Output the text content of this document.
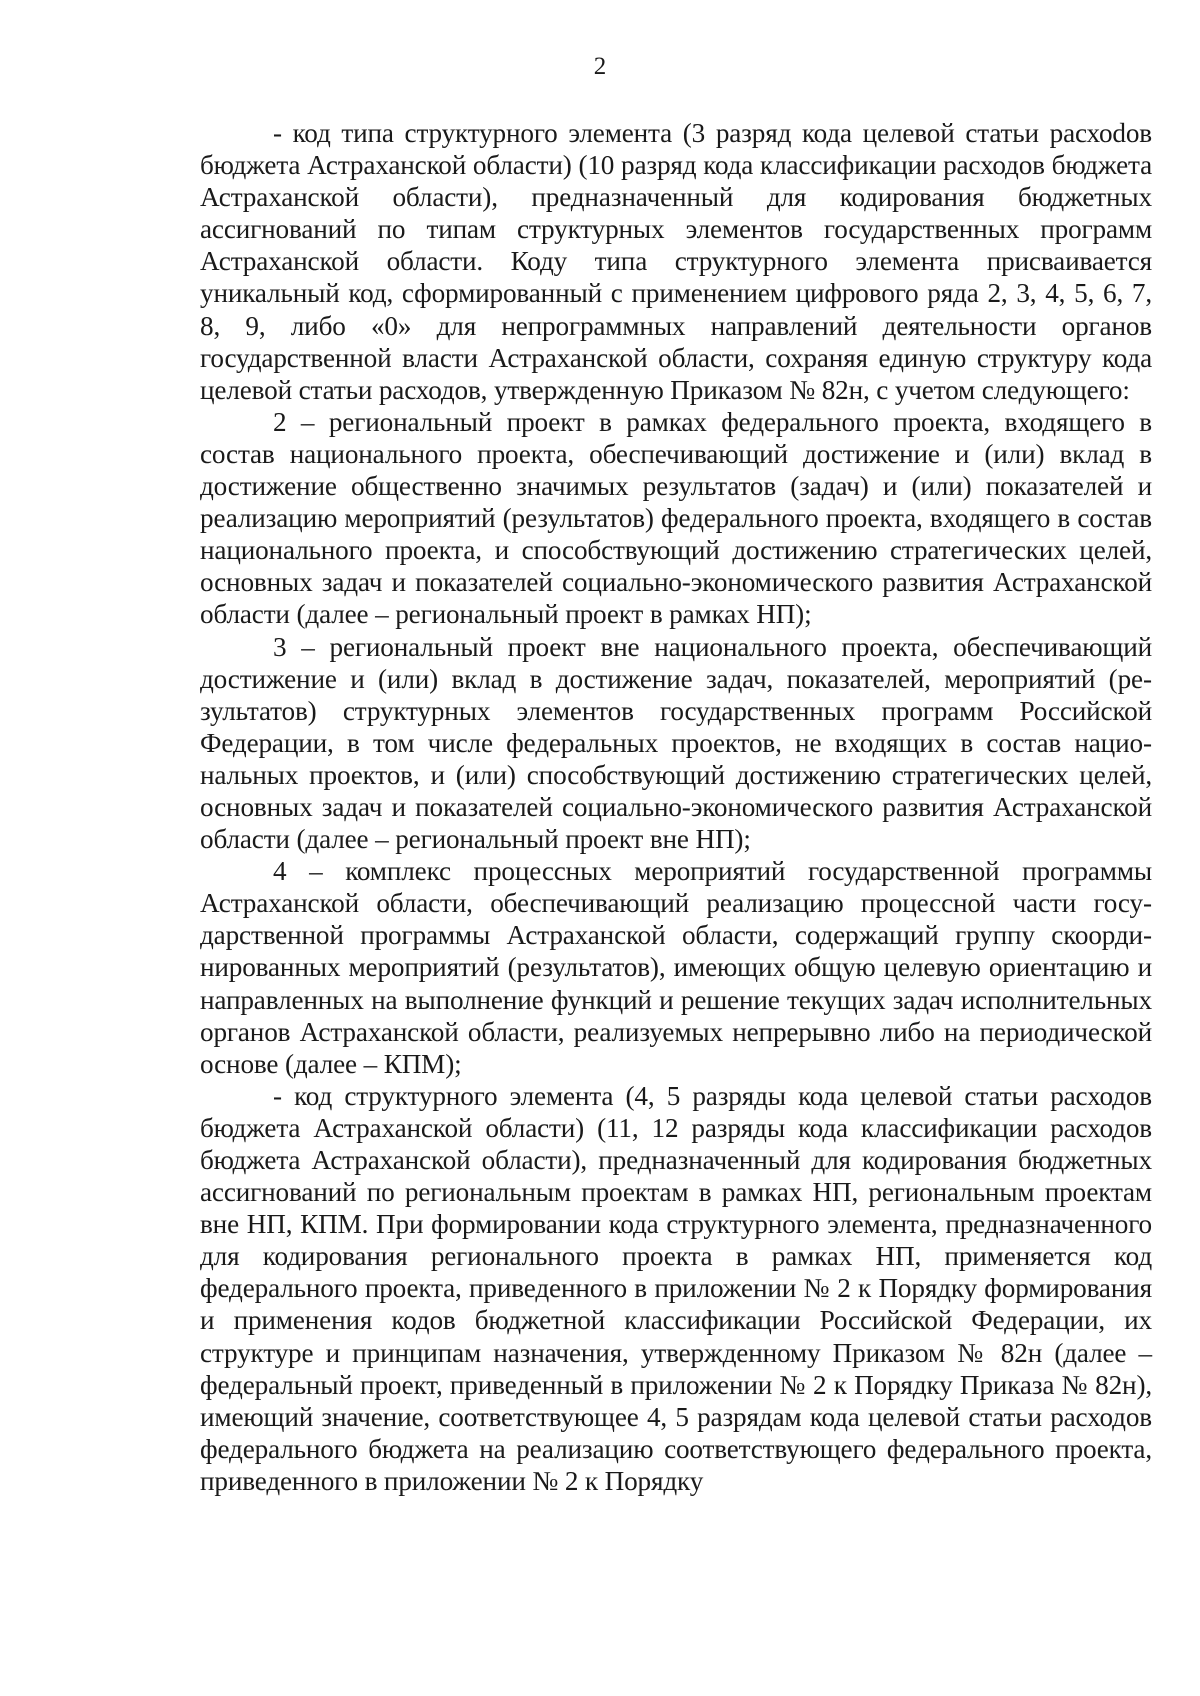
2

- код типа структурного элемента (3 разряд кода целевой статьи расхоdов бюджета Астраханской области) (10 разряд кода классификации расходов бюджета Астраханской области), предназначенный для кодирования бюджетных ассигнований по типам структурных элементов государственных программ Астраханской области. Коду типа структурного элемента присваивается уникальный код, сформированный с применением цифрового ряда 2, 3, 4, 5, 6, 7, 8, 9, либо «0» для непрограммных направлений деятельности органов государственной власти Астраханской области, сохраняя единую структуру кода целевой статьи расходов, утвержденную Приказом № 82н, с учетом следующего:

2 – региональный проект в рамках федерального проекта, входящего в состав национального проекта, обеспечивающий достижение и (или) вклад в достижение общественно значимых результатов (задач) и (или) показателей и реализацию мероприятий (результатов) федерального проекта, входящего в состав национального проекта, и способствующий достижению стратегических целей, основных задач и показателей социально-экономического развития Астраханской области (далее – региональный проект в рамках НП);

3 – региональный проект вне национального проекта, обеспечивающий достижение и (или) вклад в достижение задач, показателей, мероприятий (результатов) структурных элементов государственных программ Российской Федерации, в том числе федеральных проектов, не входящих в состав национальных проектов, и (или) способствующий достижению стратегических целей, основных задач и показателей социально-экономического развития Астраханской области (далее – региональный проект вне НП);

4 – комплекс процессных мероприятий государственной программы Астраханской области, обеспечивающий реализацию процессной части государственной программы Астраханской области, содержащий группу скоординированных мероприятий (результатов), имеющих общую целевую ориентацию и направленных на выполнение функций и решение текущих задач исполнительных органов Астраханской области, реализуемых непрерывно либо на периодической основе (далее – КПМ);

- код структурного элемента (4, 5 разряды кода целевой статьи расходов бюджета Астраханской области) (11, 12 разряды кода классификации расходов бюджета Астраханской области), предназначенный для кодирования бюджетных ассигнований по региональным проектам в рамках НП, региональным проектам вне НП, КПМ. При формировании кода структурного элемента, предназначенного для кодирования регионального проекта в рамках НП, применяется код федерального проекта, приведенного в приложении № 2 к Порядку формирования и применения кодов бюджетной классификации Российской Федерации, их структуре и принципам назначения, утвержденному Приказом № 82н (далее – федеральный проект, приведенный в приложении № 2 к Порядку Приказа № 82н), имеющий значение, соответствующее 4, 5 разрядам кода целевой статьи расходов федерального бюджета на реализацию соответствующего федерального проекта, приведенного в приложении № 2 к Порядку
